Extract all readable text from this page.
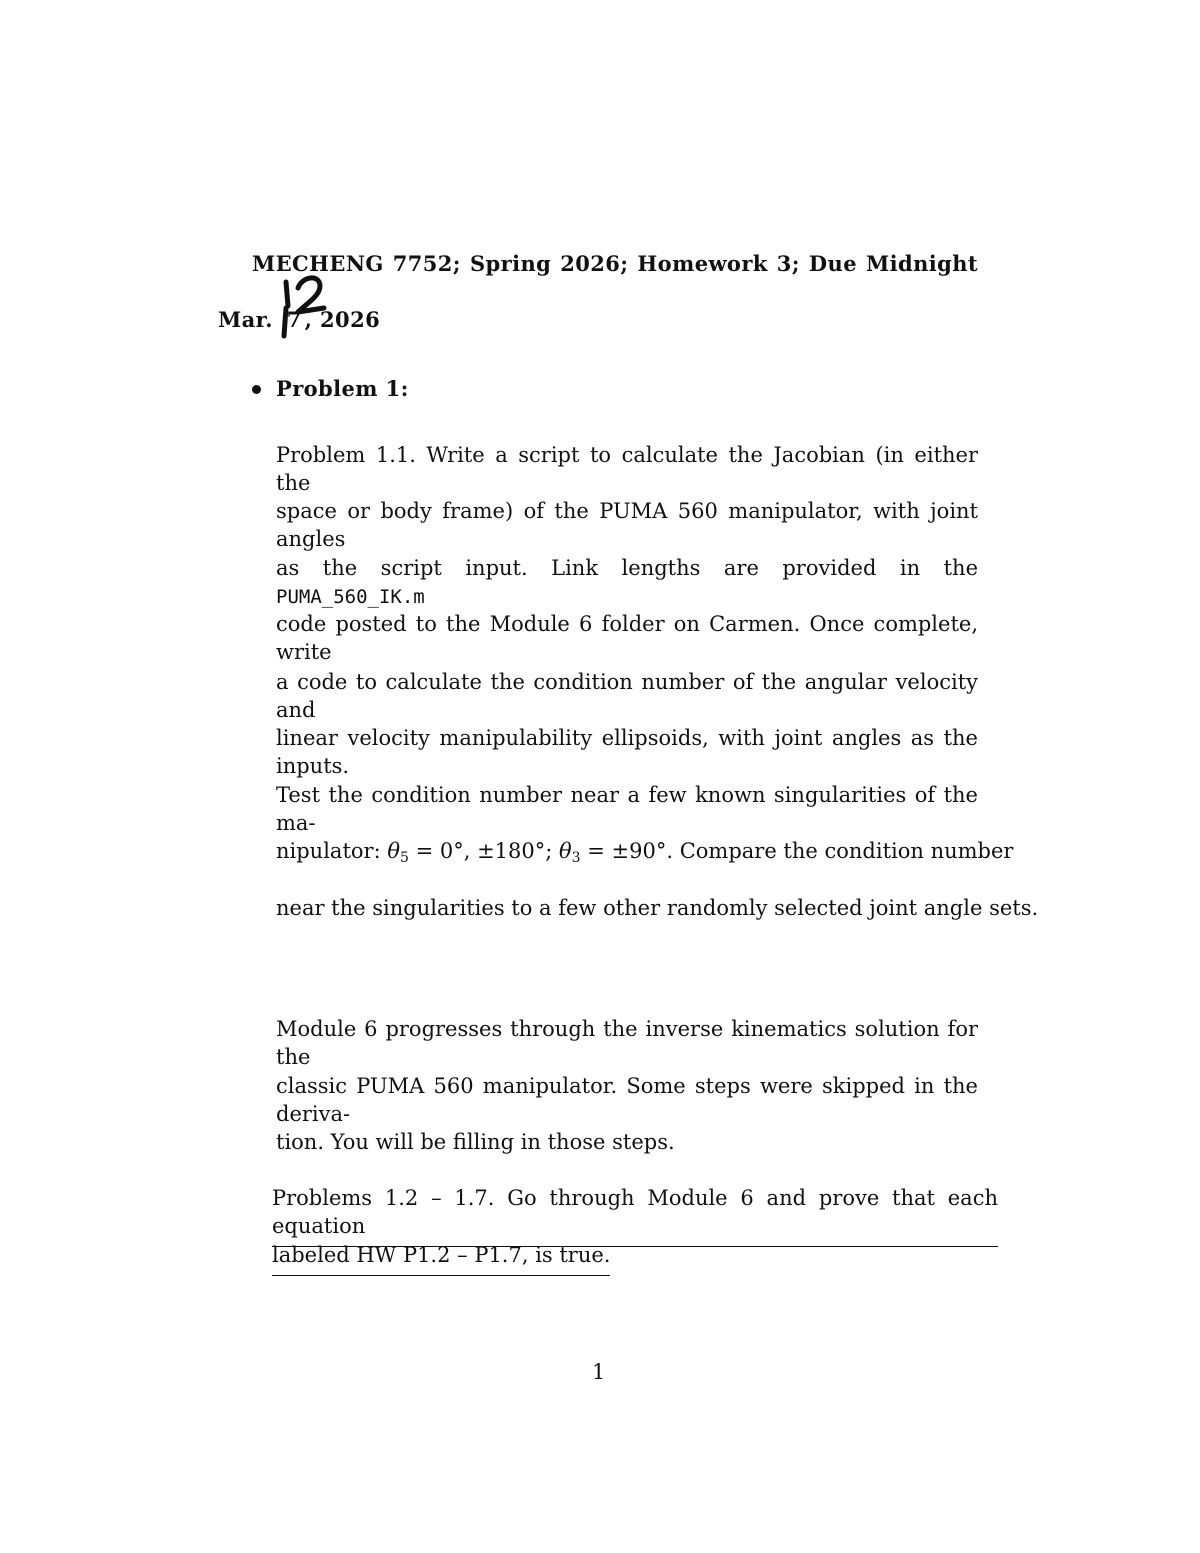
MECHENG 7752; Spring 2026; Homework 3; Due Midnight
Mar. 7 , 2026
Problem 1:
Problem 1.1. Write a script to calculate the Jacobian (in either the
space or body frame) of the PUMA 560 manipulator, with joint angles
as the script input. Link lengths are provided in the PUMA_560_IK.m
code posted to the Module 6 folder on Carmen. Once complete, write
a code to calculate the condition number of the angular velocity and
linear velocity manipulability ellipsoids, with joint angles as the inputs.
Test the condition number near a few known singularities of the ma-
nipulator: $\theta_5 = 0^\circ$, ±180°; $\theta_3 = \pm 90^\circ$. Compare the condition number
near the singularities to a few other randomly selected joint angle sets.
Module 6 progresses through the inverse kinematics solution for the
classic PUMA 560 manipulator. Some steps were skipped in the deriva-
tion. You will be filling in those steps.
Problems 1.2 – 1.7. Go through Module 6 and prove that each equation
labeled HW P1.2 – P1.7, is true.
1
